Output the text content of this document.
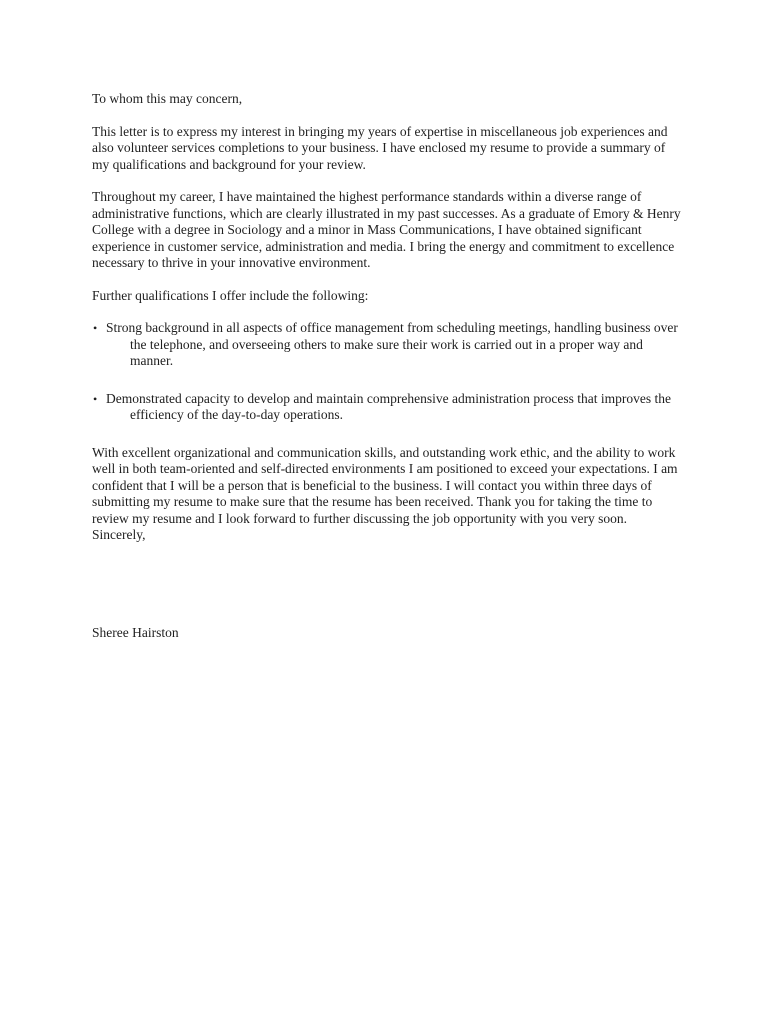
To whom this may concern,

This letter is to express my interest in bringing my years of expertise in miscellaneous job experiences and also volunteer services completions to your business. I have enclosed my resume to provide a summary of my qualifications and background for your review.

Throughout my career, I have maintained the highest performance standards within a diverse range of administrative functions, which are clearly illustrated in my past successes. As a graduate of Emory & Henry College with a degree in Sociology and a minor in Mass Communications, I have obtained significant experience in customer service, administration and media. I bring the energy and commitment to excellence necessary to thrive in your innovative environment.

Further qualifications I offer include the following:

• Strong background in all aspects of office management from scheduling meetings, handling business over the telephone, and overseeing others to make sure their work is carried out in a proper way and manner.
• Demonstrated capacity to develop and maintain comprehensive administration process that improves the efficiency of the day-to-day operations.

With excellent organizational and communication skills, and outstanding work ethic, and the ability to work well in both team-oriented and self-directed environments I am positioned to exceed your expectations. I am confident that I will be a person that is beneficial to the business. I will contact you within three days of submitting my resume to make sure that the resume has been received. Thank you for taking the time to review my resume and I look forward to further discussing the job opportunity with you very soon.

Sincerely,

Sheree Hairston
